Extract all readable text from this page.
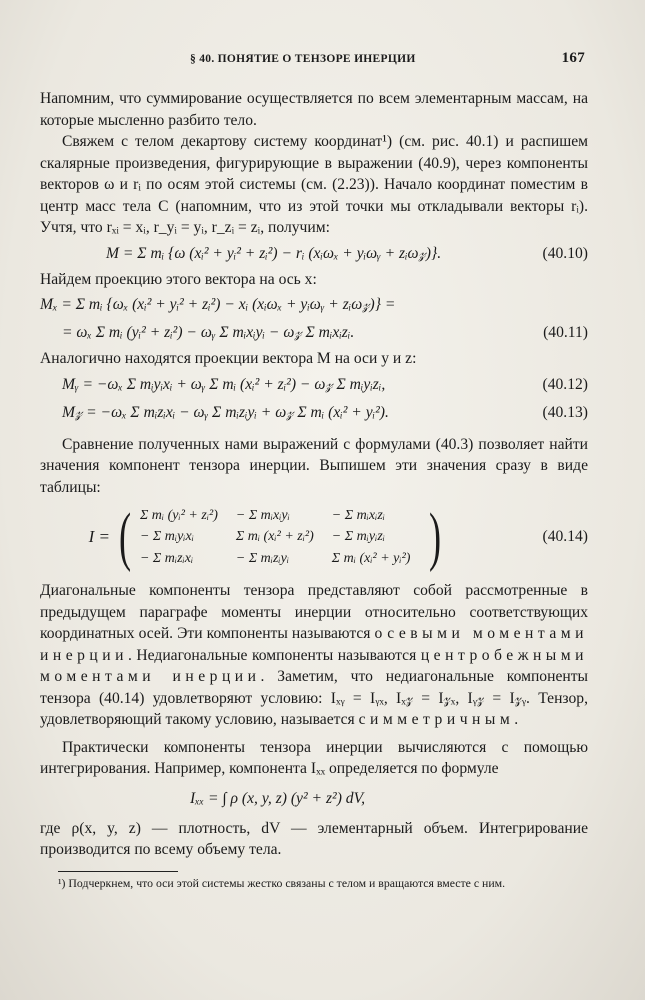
§ 40. ПОНЯТИЕ О ТЕНЗОРЕ ИНЕРЦИИ	167

Напомним, что суммирование осуществляется по всем элементарным массам, на которые мысленно разбито тело.

Свяжем с телом декартову систему координат¹) (см. рис. 40.1) и распишем скалярные произведения, фигурирующие в выражении (40.9), через компоненты векторов ω и rᵢ по осям этой системы (см. (2.23)). Начало координат поместим в центр масс тела C (напомним, что из этой точки мы откладывали векторы rᵢ). Учтя, что rₓᵢ = xᵢ, r_yᵢ = yᵢ, r_zᵢ = zᵢ, получим:

M = Σ mᵢ {ω (xᵢ² + yᵢ² + zᵢ²) − rᵢ (xᵢωₓ + yᵢωᵧ + zᵢω𝓏)}.	(40.10)

Найдем проекцию этого вектора на ось x:

Mₓ = Σ mᵢ {ωₓ (xᵢ² + yᵢ² + zᵢ²) − xᵢ (xᵢωₓ + yᵢωᵧ + zᵢω𝓏)} =
= ωₓ Σ mᵢ (yᵢ² + zᵢ²) − ωᵧ Σ mᵢxᵢyᵢ − ω𝓏 Σ mᵢxᵢzᵢ.	(40.11)

Аналогично находятся проекции вектора M на оси y и z:

Mᵧ = −ωₓ Σ mᵢyᵢxᵢ + ωᵧ Σ mᵢ (xᵢ² + zᵢ²) − ω𝓏 Σ mᵢyᵢzᵢ,	(40.12)
M𝓏 = −ωₓ Σ mᵢzᵢxᵢ − ωᵧ Σ mᵢzᵢyᵢ + ω𝓏 Σ mᵢ (xᵢ² + yᵢ²).	(40.13)

Сравнение полученных нами выражений с формулами (40.3) позволяет найти значения компонент тензора инерции. Выпишем эти значения сразу в виде таблицы:

I = ( Σ mᵢ (yᵢ² + zᵢ²)	− Σ mᵢxᵢyᵢ	− Σ mᵢxᵢzᵢ
− Σ mᵢyᵢxᵢ	Σ mᵢ (xᵢ² + zᵢ²)	− Σ mᵢyᵢzᵢ
− Σ mᵢzᵢxᵢ	− Σ mᵢzᵢyᵢ	Σ mᵢ (xᵢ² + yᵢ²) )	(40.14)

Диагональные компоненты тензора представляют собой рассмотренные в предыдущем параграфе моменты инерции относительно соответствующих координатных осей. Эти компоненты называются осевыми моментами инерции. Недиагональные компоненты называются центробежными моментами инерции. Заметим, что недиагональные компоненты тензора (40.14) удовлетворяют условию: Iₓᵧ = Iᵧₓ, Iₓ𝓏 = I𝓏ₓ, Iᵧ𝓏 = I𝓏ᵧ. Тензор, удовлетворяющий такому условию, называется симметричным.

Практически компоненты тензора инерции вычисляются с помощью интегрирования. Например, компонента Iₓₓ определяется по формуле

Iₓₓ = ∫ ρ (x, y, z) (y² + z²) dV,

где ρ(x, y, z) — плотность, dV — элементарный объем. Интегрирование производится по всему объему тела.

¹) Подчеркнем, что оси этой системы жестко связаны с телом и вращаются вместе с ним.
